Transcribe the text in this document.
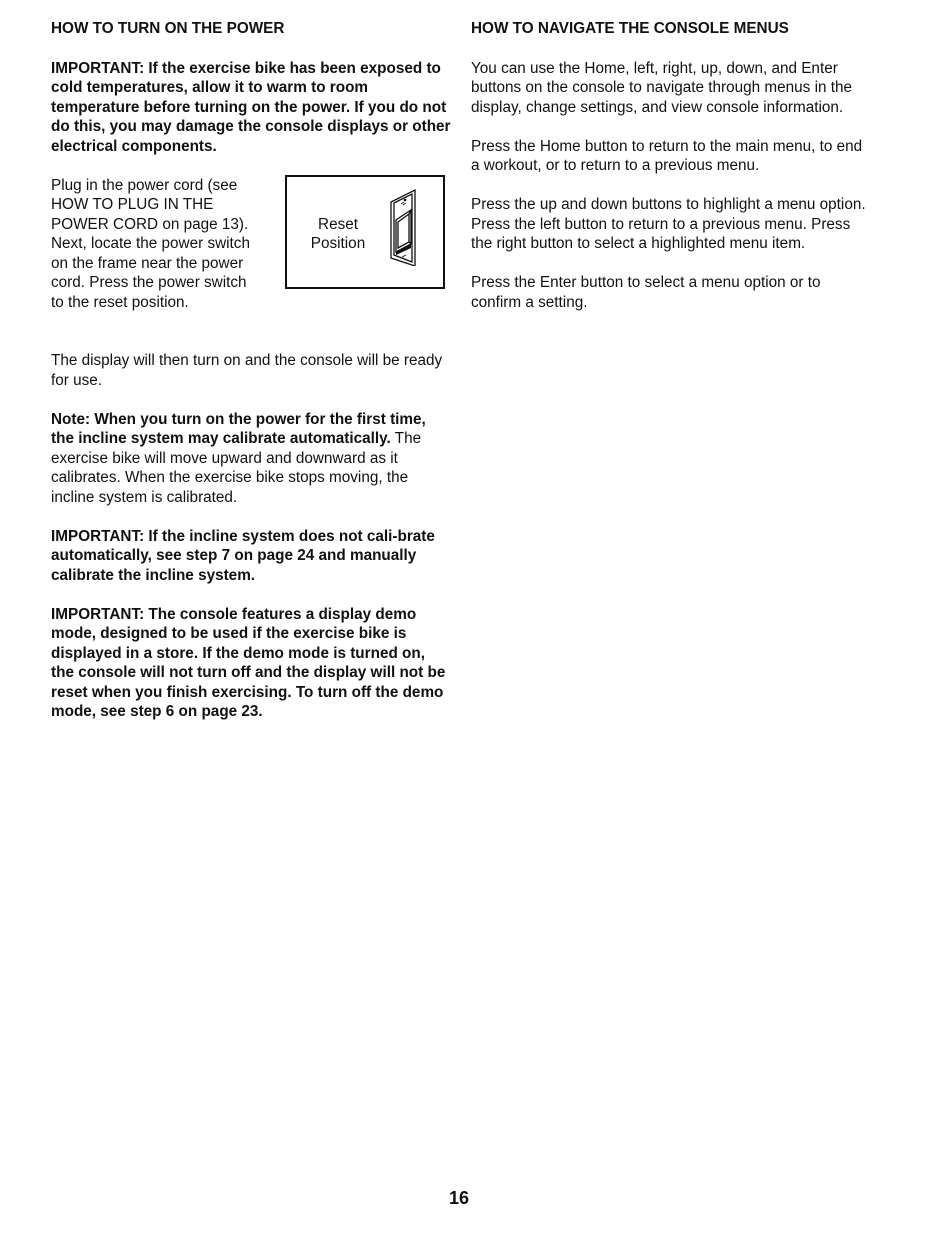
HOW TO TURN ON THE POWER

IMPORTANT: If the exercise bike has been exposed to cold temperatures, allow it to warm to room temperature before turning on the power. If you do not do this, you may damage the console displays or other electrical components.

Plug in the power cord (see HOW TO PLUG IN THE POWER CORD on page 13). Next, locate the power switch on the frame near the power cord. Press the power switch to the reset position.

Reset
Position

The display will then turn on and the console will be ready for use.

Note: When you turn on the power for the first time, the incline system may calibrate automatically. The exercise bike will move upward and downward as it calibrates. When the exercise bike stops moving, the incline system is calibrated.

IMPORTANT: If the incline system does not cali-brate automatically, see step 7 on page 24 and manually calibrate the incline system.

IMPORTANT: The console features a display demo mode, designed to be used if the exercise bike is displayed in a store. If the demo mode is turned on, the console will not turn off and the display will not be reset when you finish exercising. To turn off the demo mode, see step 6 on page 23.

HOW TO NAVIGATE THE CONSOLE MENUS

You can use the Home, left, right, up, down, and Enter buttons on the console to navigate through menus in the display, change settings, and view console information.

Press the Home button to return to the main menu, to end a workout, or to return to a previous menu.

Press the up and down buttons to highlight a menu option. Press the left button to return to a previous menu. Press the right button to select a highlighted menu item.

Press the Enter button to select a menu option or to confirm a setting.

16
